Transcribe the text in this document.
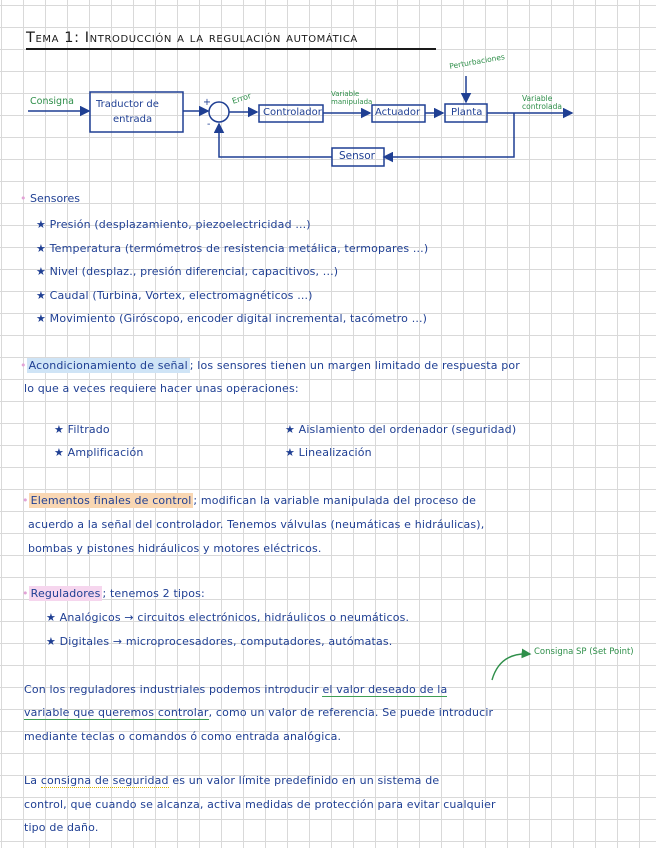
Tema 1: Introducción a la regulación automática
Consigna Traductor de
entrada
+
-
Error
Controlador
Variable manipulada
Actuador
Perturbaciones
Planta
Variable controlada
Sensor
• Sensores
★ Presión (desplazamiento, piezoelectricidad ...)
★ Temperatura (termómetros de resistencia metálica, termopares ...)
★ Nivel (desplaz., presión diferencial, capacitivos, ...)
★ Caudal (Turbina, Vortex, electromagnéticos ...)
★ Movimiento (Giróscopo, encoder digital incremental, tacómetro ...)
• Acondicionamiento de señal ; los sensores tienen un margen limitado de respuesta por
lo que a veces requiere hacer unas operaciones:
★ Filtrado
★ Amplificación
★ Aislamiento del ordenador (seguridad)
★ Linealización
• Elementos finales de control ; modifican la variable manipulada del proceso de
acuerdo a la señal del controlador. Tenemos válvulas (neumáticas e hidráulicas),
bombas y pistones hidráulicos y motores eléctricos.
• Reguladores ; tenemos 2 tipos:
★ Analógicos → circuitos electrónicos, hidráulicos o neumáticos.
★ Digitales → microprocesadores, computadores, autómatas.
Consigna SP (Set Point)
Con los reguladores industriales podemos introducir el valor deseado de la
variable que queremos controlar, como un valor de referencia. Se puede introducir
mediante teclas o comandos ó como entrada analógica.
La consigna de seguridad es un valor límite predefinido en un sistema de
control, que cuando se alcanza, activa medidas de protección para evitar cualquier
tipo de daño.
